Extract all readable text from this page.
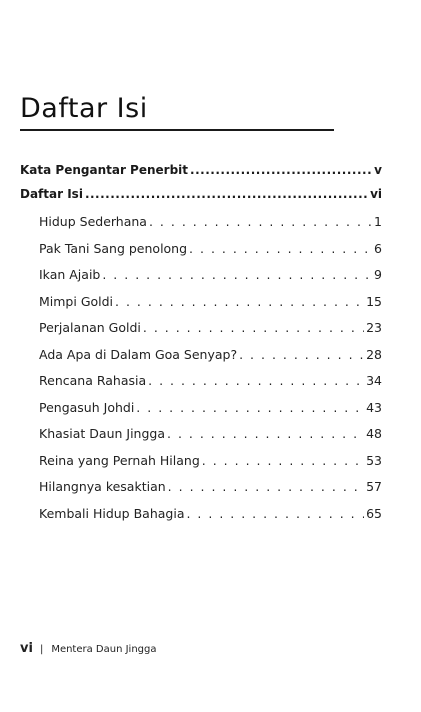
Daftar Isi
Kata Pengantar Penerbit .....	v
Daftar Isi .....	vi
Hidup Sederhana . . .	1
Pak Tani Sang penolong . . .	6
Ikan Ajaib . . .	9
Mimpi Goldi . . .	15
Perjalanan Goldi . . .	23
Ada Apa di Dalam Goa Senyap? . . .	28
Rencana Rahasia . . .	34
Pengasuh Johdi . . .	43
Khasiat Daun Jingga . . .	48
Reina yang Pernah Hilang . . .	53
Hilangnya kesaktian . . .	57
Kembali Hidup Bahagia . . .	65
vi | Mentera Daun Jingga
